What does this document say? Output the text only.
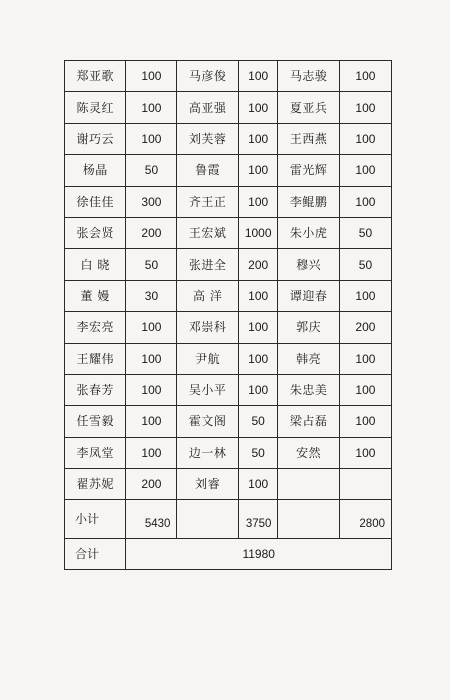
郑亚歌	100	马彦俊	100	马志骏	100
陈灵红	100	高亚强	100	夏亚兵	100
谢巧云	100	刘芙蓉	100	王西燕	100
杨晶	50	鲁霞	100	雷光辉	100
徐佳佳	300	齐王正	100	李鲲鹏	100
张会贤	200	王宏斌	1000	朱小虎	50
白 晓	50	张进全	200	穆兴	50
董 嫚	30	高 洋	100	谭迎春	100
李宏亮	100	邓崇科	100	郭庆	200
王耀伟	100	尹航	100	韩亮	100
张春芳	100	吴小平	100	朱忠美	100
任雪毅	100	霍文阁	50	梁占磊	100
李凤堂	100	边一林	50	安然	100
翟苏妮	200	刘睿	100		
小计	5430		3750		2800
合计	11980				
